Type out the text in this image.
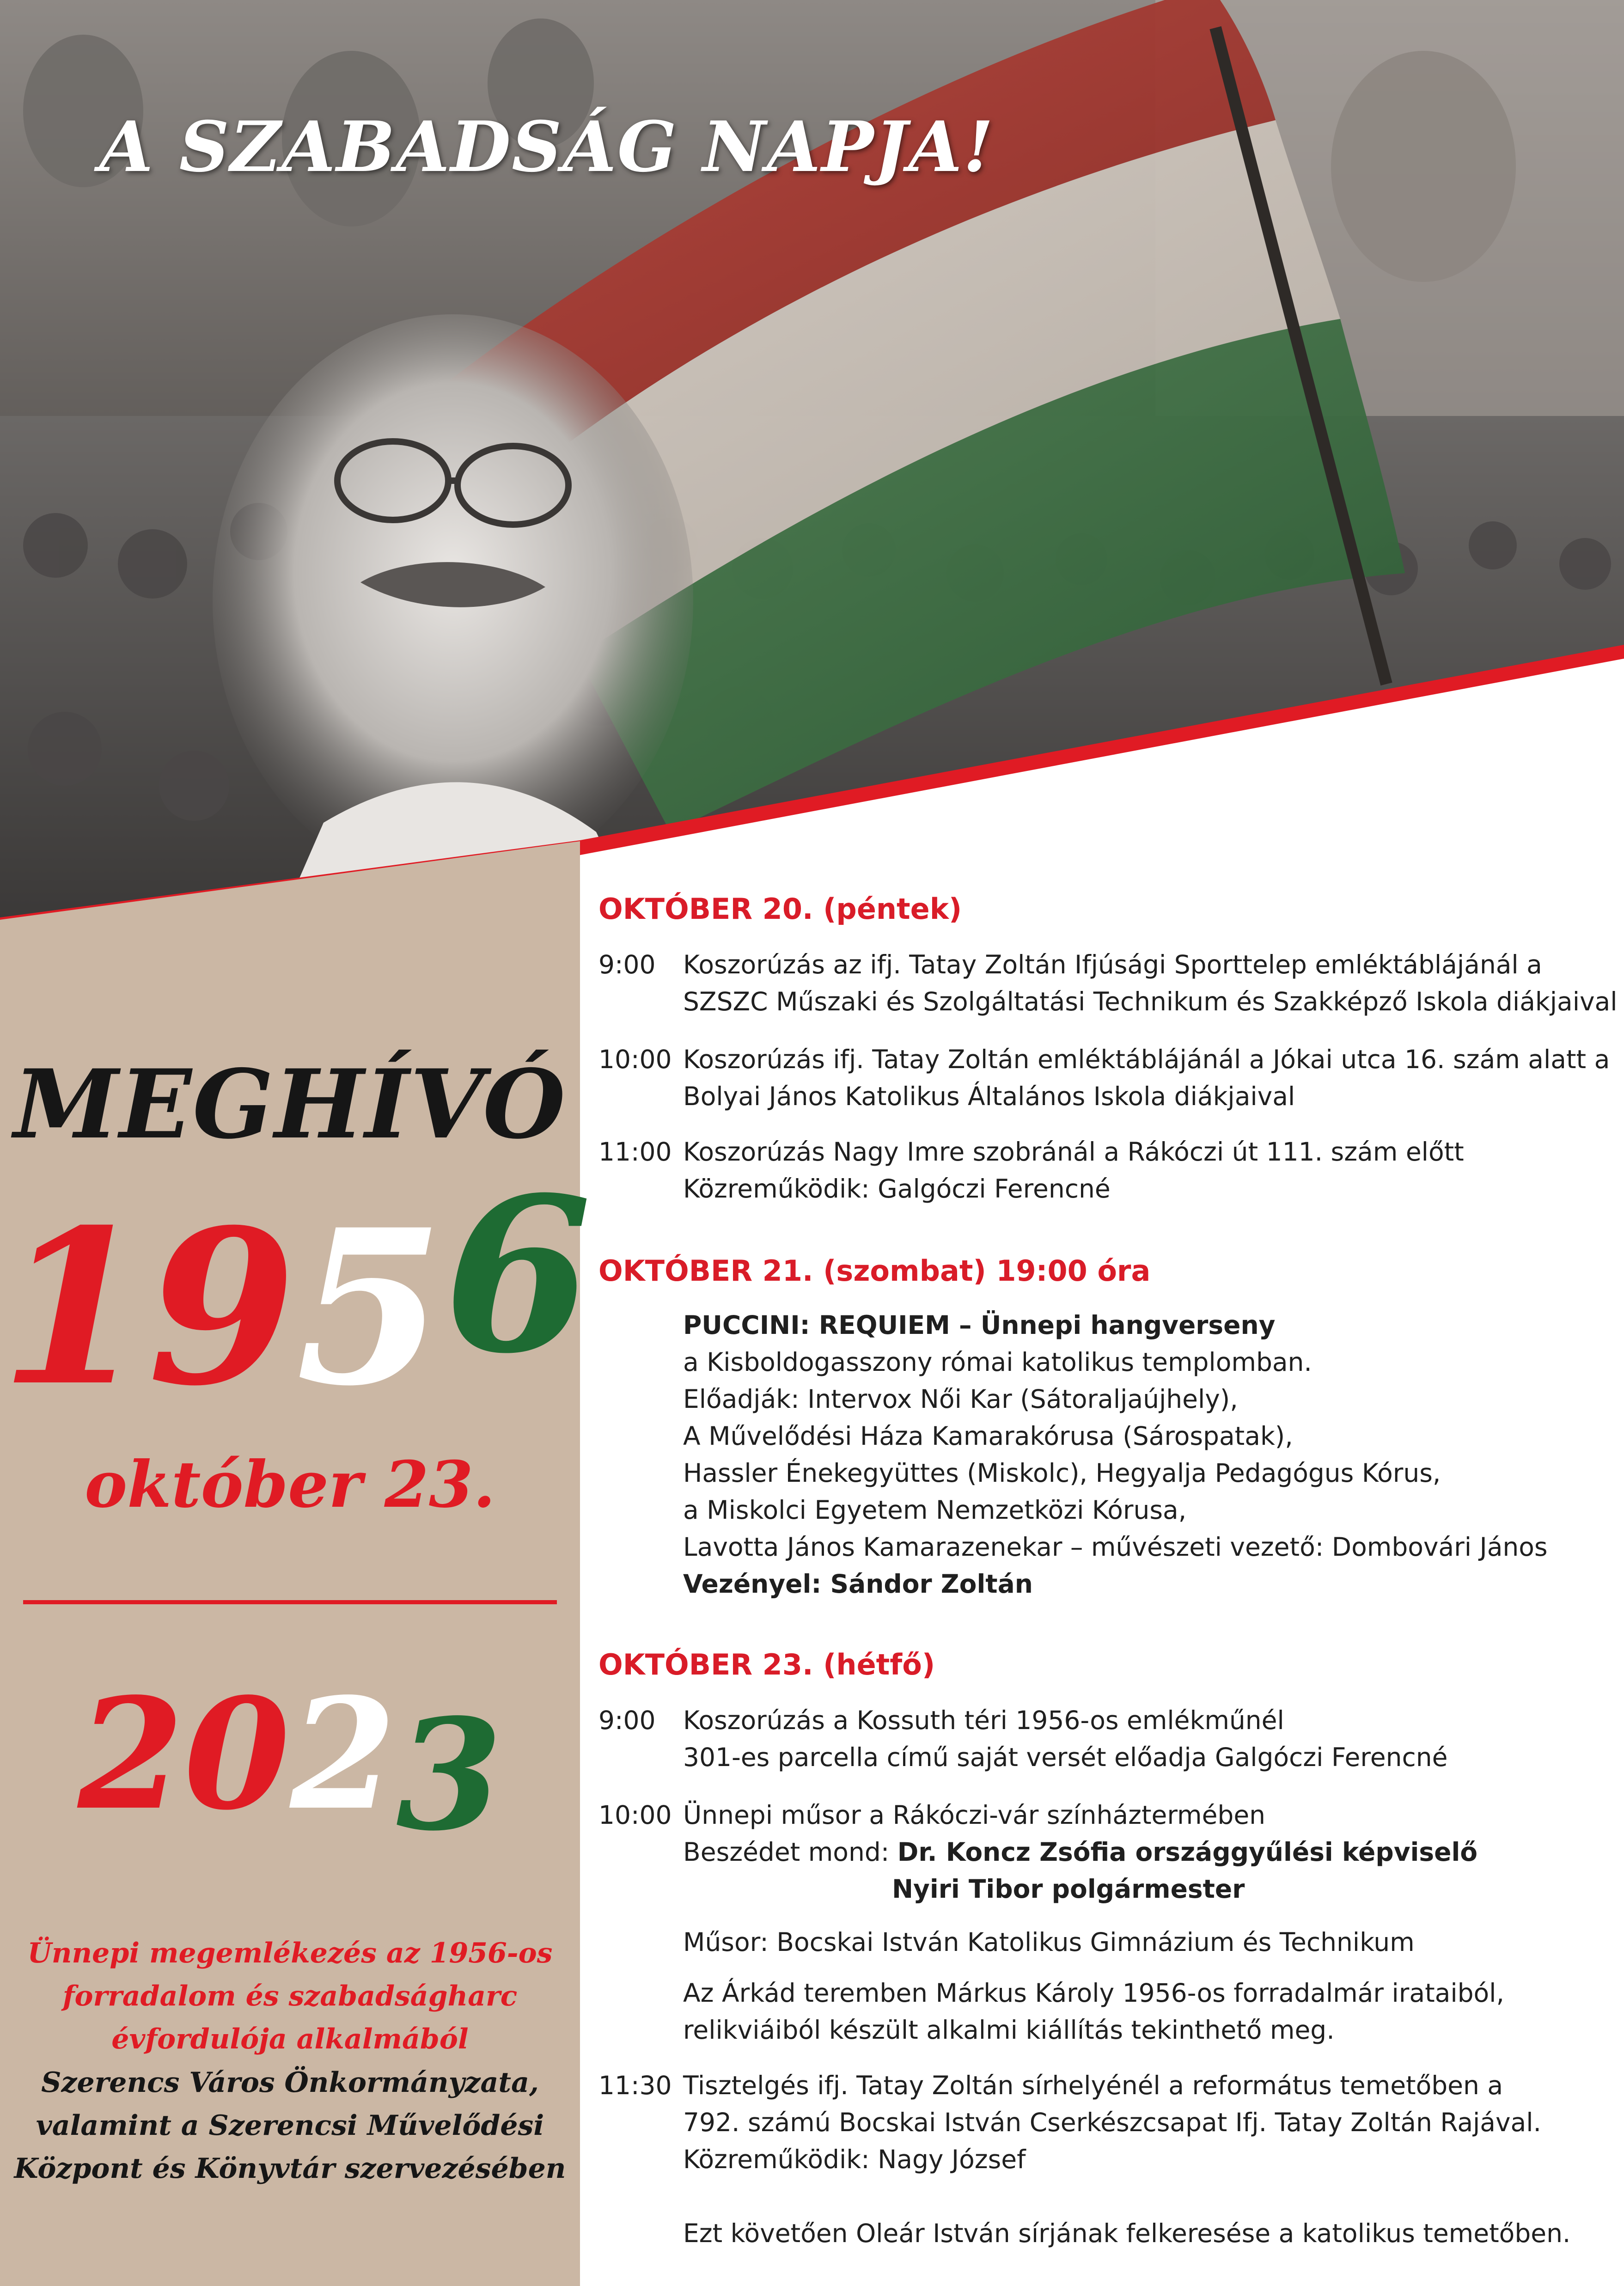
A SZABADSÁG NAPJA!
MEGHÍVÓ
1956
október 23.
2023
Ünnepi megemlékezés az 1956-os
forradalom és szabadságharc
évfordulója alkalmából
Szerencs Város Önkormányzata,
valamint a Szerencsi Művelődési
Központ és Könyvtár szervezésében
OKTÓBER 20. (péntek)
9:00 Koszorúzás az ifj. Tatay Zoltán Ifjúsági Sporttelep emléktáblájánál a
SZSZC Műszaki és Szolgáltatási Technikum és Szakképző Iskola diákjaival
10:00 Koszorúzás ifj. Tatay Zoltán emléktáblájánál a Jókai utca 16. szám alatt a
Bolyai János Katolikus Általános Iskola diákjaival
11:00 Koszorúzás Nagy Imre szobránál a Rákóczi út 111. szám előtt
Közreműködik: Galgóczi Ferencné
OKTÓBER 21. (szombat) 19:00 óra
PUCCINI: REQUIEM – Ünnepi hangverseny
a Kisboldogasszony római katolikus templomban.
Előadják: Intervox Női Kar (Sátoraljaújhely),
A Művelődési Háza Kamarakórusa (Sárospatak),
Hassler Énekegyüttes (Miskolc), Hegyalja Pedagógus Kórus,
a Miskolci Egyetem Nemzetközi Kórusa,
Lavotta János Kamarazenekar – művészeti vezető: Dombovári János
Vezényel: Sándor Zoltán
OKTÓBER 23. (hétfő)
9:00 Koszorúzás a Kossuth téri 1956-os emlékműnél
301-es parcella című saját versét előadja Galgóczi Ferencné
10:00 Ünnepi műsor a Rákóczi-vár színháztermében
Beszédet mond: Dr. Koncz Zsófia országgyűlési képviselő
Nyiri Tibor polgármester
Műsor: Bocskai István Katolikus Gimnázium és Technikum
Az Árkád teremben Márkus Károly 1956-os forradalmár irataiból,
relikviáiból készült alkalmi kiállítás tekinthető meg.
11:30 Tisztelgés ifj. Tatay Zoltán sírhelyénél a református temetőben a
792. számú Bocskai István Cserkészcsapat Ifj. Tatay Zoltán Rajával.
Közreműködik: Nagy József
Ezt követően Oleár István sírjának felkeresése a katolikus temetőben.
